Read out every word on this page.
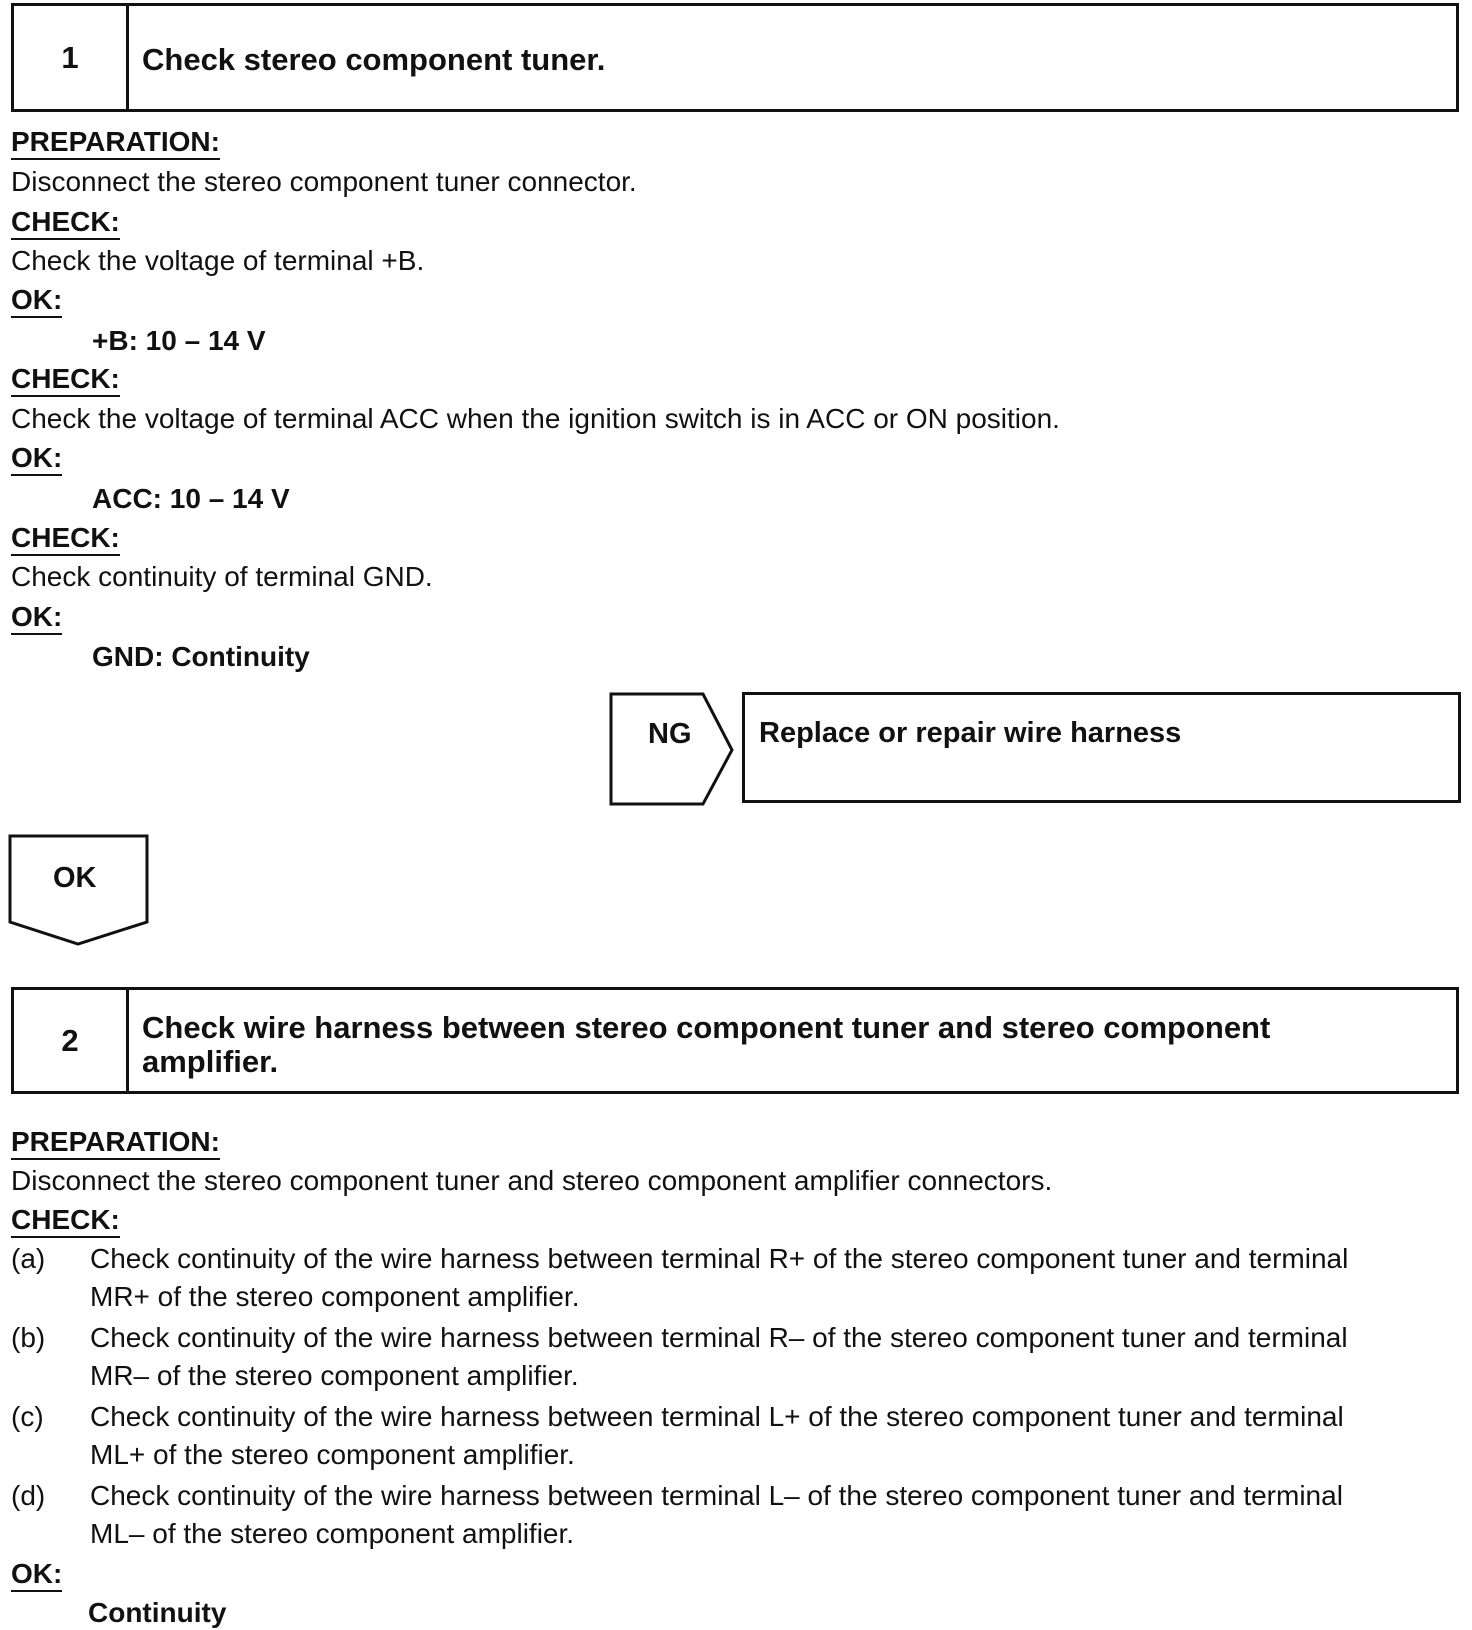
1	Check stereo component tuner.
PREPARATION:
Disconnect the stereo component tuner connector.
CHECK:
Check the voltage of terminal +B.
OK:
+B: 10 – 14 V
CHECK:
Check the voltage of terminal ACC when the ignition switch is in ACC or ON position.
OK:
ACC: 10 – 14 V
CHECK:
Check continuity of terminal GND.
OK:
GND: Continuity
NG Replace or repair wire harness
OK
2	Check wire harness between stereo component tuner and stereo component
amplifier.
PREPARATION:
Disconnect the stereo component tuner and stereo component amplifier connectors.
CHECK:
(a) Check continuity of the wire harness between terminal R+ of the stereo component tuner and terminal
MR+ of the stereo component amplifier.
(b) Check continuity of the wire harness between terminal R– of the stereo component tuner and terminal
MR– of the stereo component amplifier.
(c) Check continuity of the wire harness between terminal L+ of the stereo component tuner and terminal
ML+ of the stereo component amplifier.
(d) Check continuity of the wire harness between terminal L– of the stereo component tuner and terminal
ML– of the stereo component amplifier.
OK:
Continuity
